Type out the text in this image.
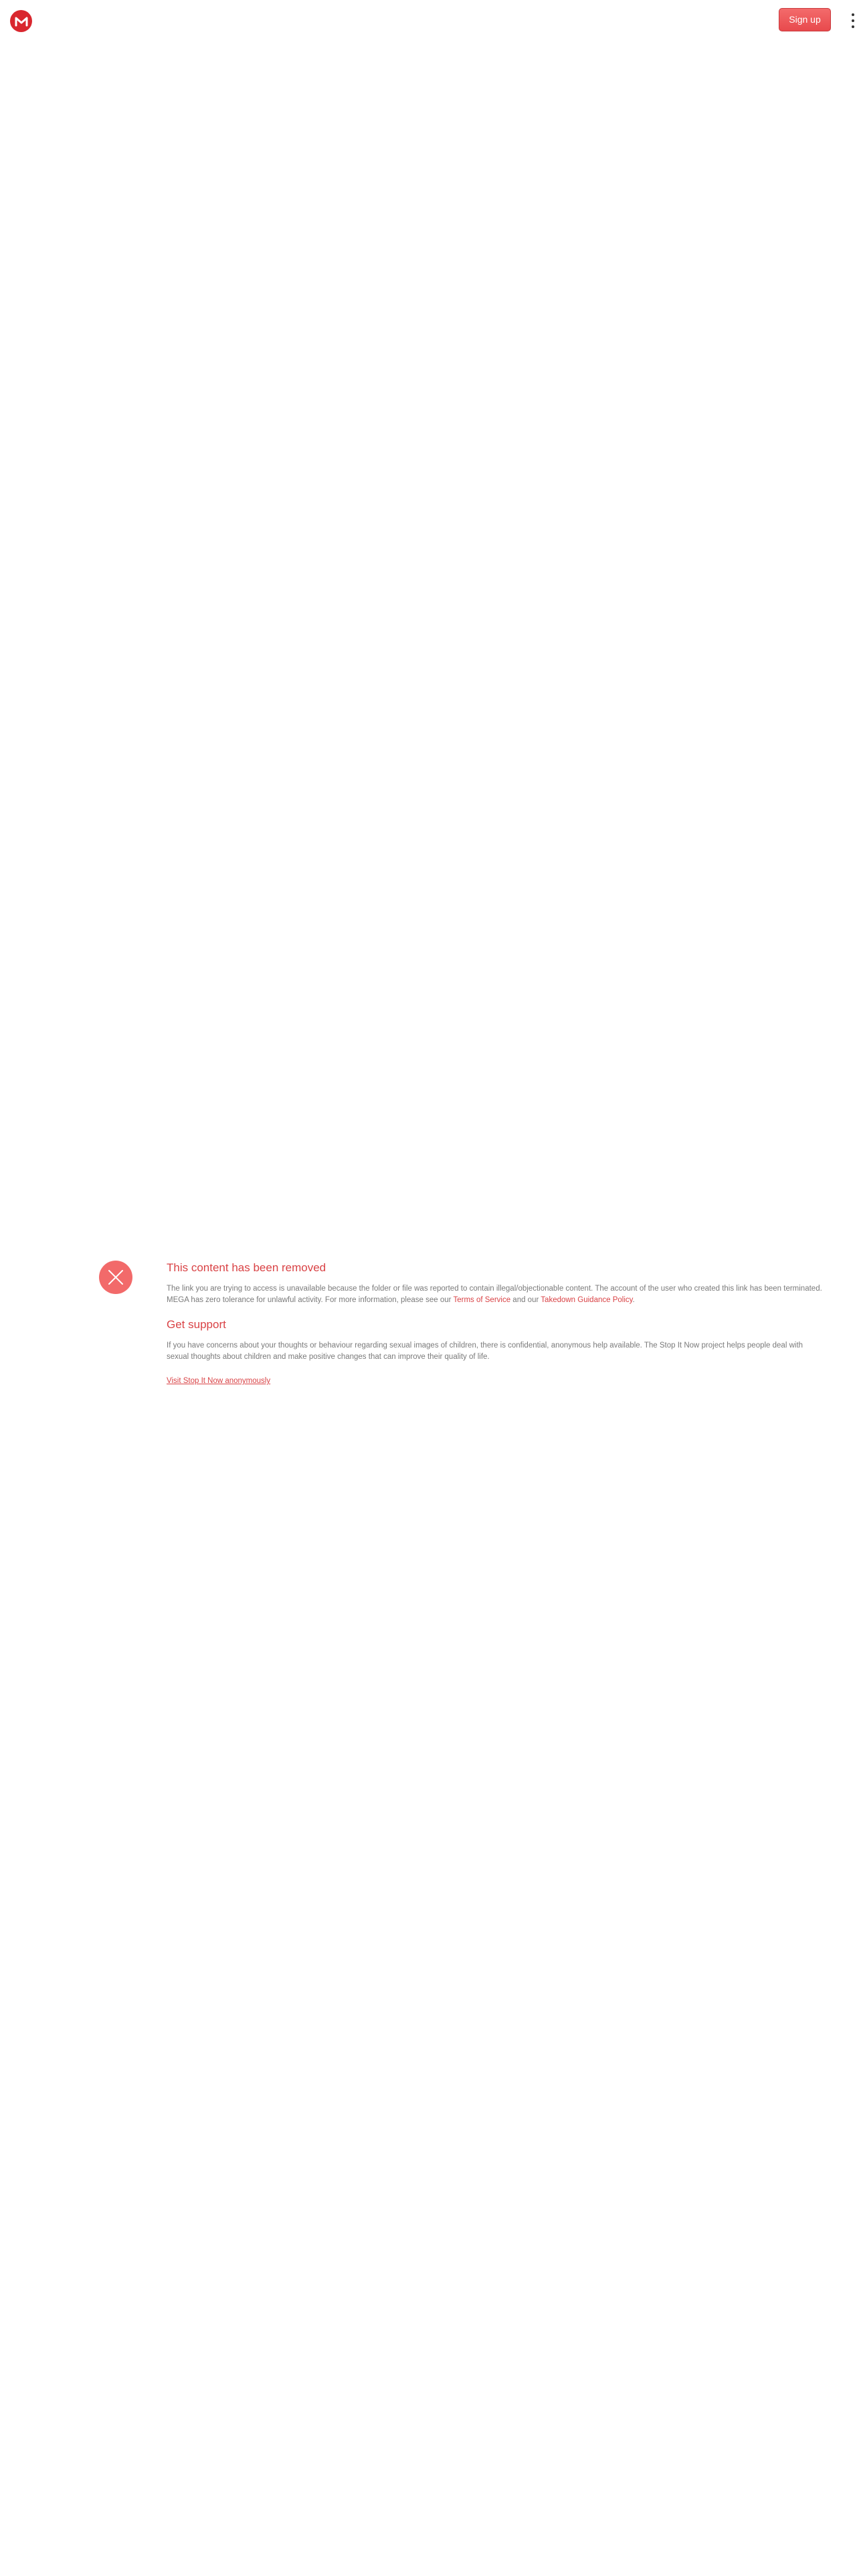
Sign up
This content has been removed

The link you are trying to access is unavailable because the folder or file was reported to contain illegal/objectionable content. The account of the user who created this link has been terminated. MEGA has zero tolerance for unlawful activity. For more information, please see our Terms of Service and our Takedown Guidance Policy.

Get support

If you have concerns about your thoughts or behaviour regarding sexual images of children, there is confidential, anonymous help available. The Stop It Now project helps people deal with sexual thoughts about children and make positive changes that can improve their quality of life.

Visit Stop It Now anonymously
